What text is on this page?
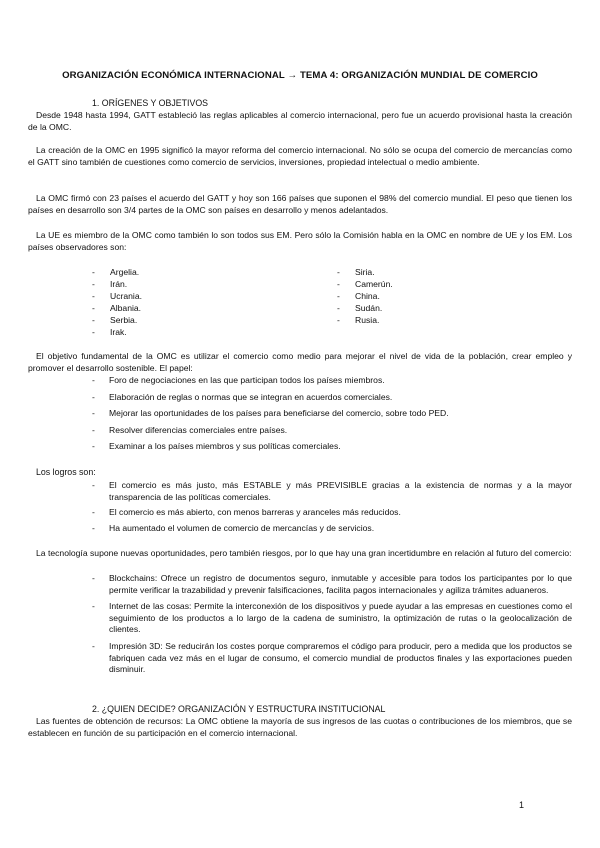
ORGANIZACIÓN ECONÓMICA INTERNACIONAL → TEMA 4: ORGANIZACIÓN MUNDIAL DE COMERCIO
1. ORÍGENES Y OBJETIVOS
Desde 1948 hasta 1994, GATT estableció las reglas aplicables al comercio internacional, pero fue un acuerdo provisional hasta la creación de la OMC.
La creación de la OMC en 1995 significó la mayor reforma del comercio internacional. No sólo se ocupa del comercio de mercancías como el GATT sino también de cuestiones como comercio de servicios, inversiones, propiedad intelectual o medio ambiente.
La OMC firmó con 23 países el acuerdo del GATT y hoy son 166 países que suponen el 98% del comercio mundial. El peso que tienen los países en desarrollo son 3/4 partes de la OMC son países en desarrollo y menos adelantados.
La UE es miembro de la OMC como también lo son todos sus EM. Pero sólo la Comisión habla en la OMC en nombre de UE y los EM. Los países observadores son:
- Argelia.
- Irán.
- Ucrania.
- Albania.
- Serbia.
- Irak.
- Siria.
- Camerún.
- China.
- Sudán.
- Rusia.
El objetivo fundamental de la OMC es utilizar el comercio como medio para mejorar el nivel de vida de la población, crear empleo y promover el desarrollo sostenible. El papel:
- Foro de negociaciones en las que participan todos los países miembros.
- Elaboración de reglas o normas que se integran en acuerdos comerciales.
- Mejorar las oportunidades de los países para beneficiarse del comercio, sobre todo PED.
- Resolver diferencias comerciales entre países.
- Examinar a los países miembros y sus políticas comerciales.
Los logros son:
- El comercio es más justo, más ESTABLE y más PREVISIBLE gracias a la existencia de normas y a la mayor transparencia de las políticas comerciales.
- El comercio es más abierto, con menos barreras y aranceles más reducidos.
- Ha aumentado el volumen de comercio de mercancías y de servicios.
La tecnología supone nuevas oportunidades, pero también riesgos, por lo que hay una gran incertidumbre en relación al futuro del comercio:
- Blockchains: Ofrece un registro de documentos seguro, inmutable y accesible para todos los participantes por lo que permite verificar la trazabilidad y prevenir falsificaciones, facilita pagos internacionales y agiliza trámites aduaneros.
- Internet de las cosas: Permite la interconexión de los dispositivos y puede ayudar a las empresas en cuestiones como el seguimiento de los productos a lo largo de la cadena de suministro, la optimización de rutas o la geolocalización de clientes.
- Impresión 3D: Se reducirán los costes porque compraremos el código para producir, pero a medida que los productos se fabriquen cada vez más en el lugar de consumo, el comercio mundial de productos finales y las exportaciones pueden disminuir.
2. ¿QUIEN DECIDE? ORGANIZACIÓN Y ESTRUCTURA INSTITUCIONAL
Las fuentes de obtención de recursos: La OMC obtiene la mayoría de sus ingresos de las cuotas o contribuciones de los miembros, que se establecen en función de su participación en el comercio internacional.
1
